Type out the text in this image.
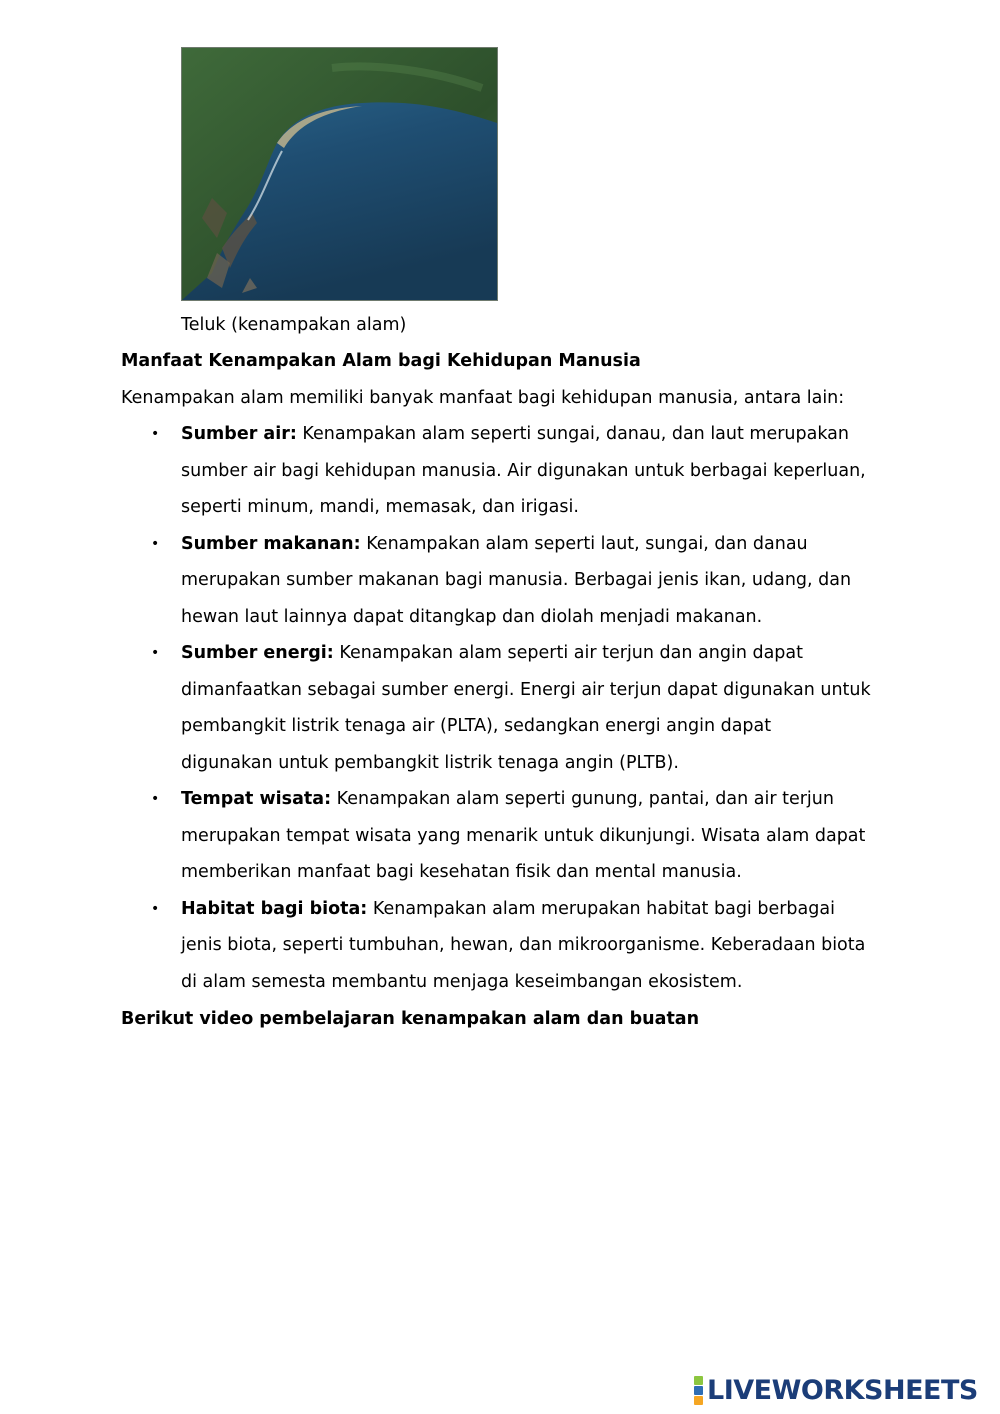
Teluk (kenampakan alam)
Manfaat Kenampakan Alam bagi Kehidupan Manusia
Kenampakan alam memiliki banyak manfaat bagi kehidupan manusia, antara lain:
• Sumber air: Kenampakan alam seperti sungai, danau, dan laut merupakan
sumber air bagi kehidupan manusia. Air digunakan untuk berbagai keperluan,
seperti minum, mandi, memasak, dan irigasi.
• Sumber makanan: Kenampakan alam seperti laut, sungai, dan danau
merupakan sumber makanan bagi manusia. Berbagai jenis ikan, udang, dan
hewan laut lainnya dapat ditangkap dan diolah menjadi makanan.
• Sumber energi: Kenampakan alam seperti air terjun dan angin dapat
dimanfaatkan sebagai sumber energi. Energi air terjun dapat digunakan untuk
pembangkit listrik tenaga air (PLTA), sedangkan energi angin dapat
digunakan untuk pembangkit listrik tenaga angin (PLTB).
• Tempat wisata: Kenampakan alam seperti gunung, pantai, dan air terjun
merupakan tempat wisata yang menarik untuk dikunjungi. Wisata alam dapat
memberikan manfaat bagi kesehatan fisik dan mental manusia.
• Habitat bagi biota: Kenampakan alam merupakan habitat bagi berbagai
jenis biota, seperti tumbuhan, hewan, dan mikroorganisme. Keberadaan biota
di alam semesta membantu menjaga keseimbangan ekosistem.
Berikut video pembelajaran kenampakan alam dan buatan
LIVEWORKSHEETS
